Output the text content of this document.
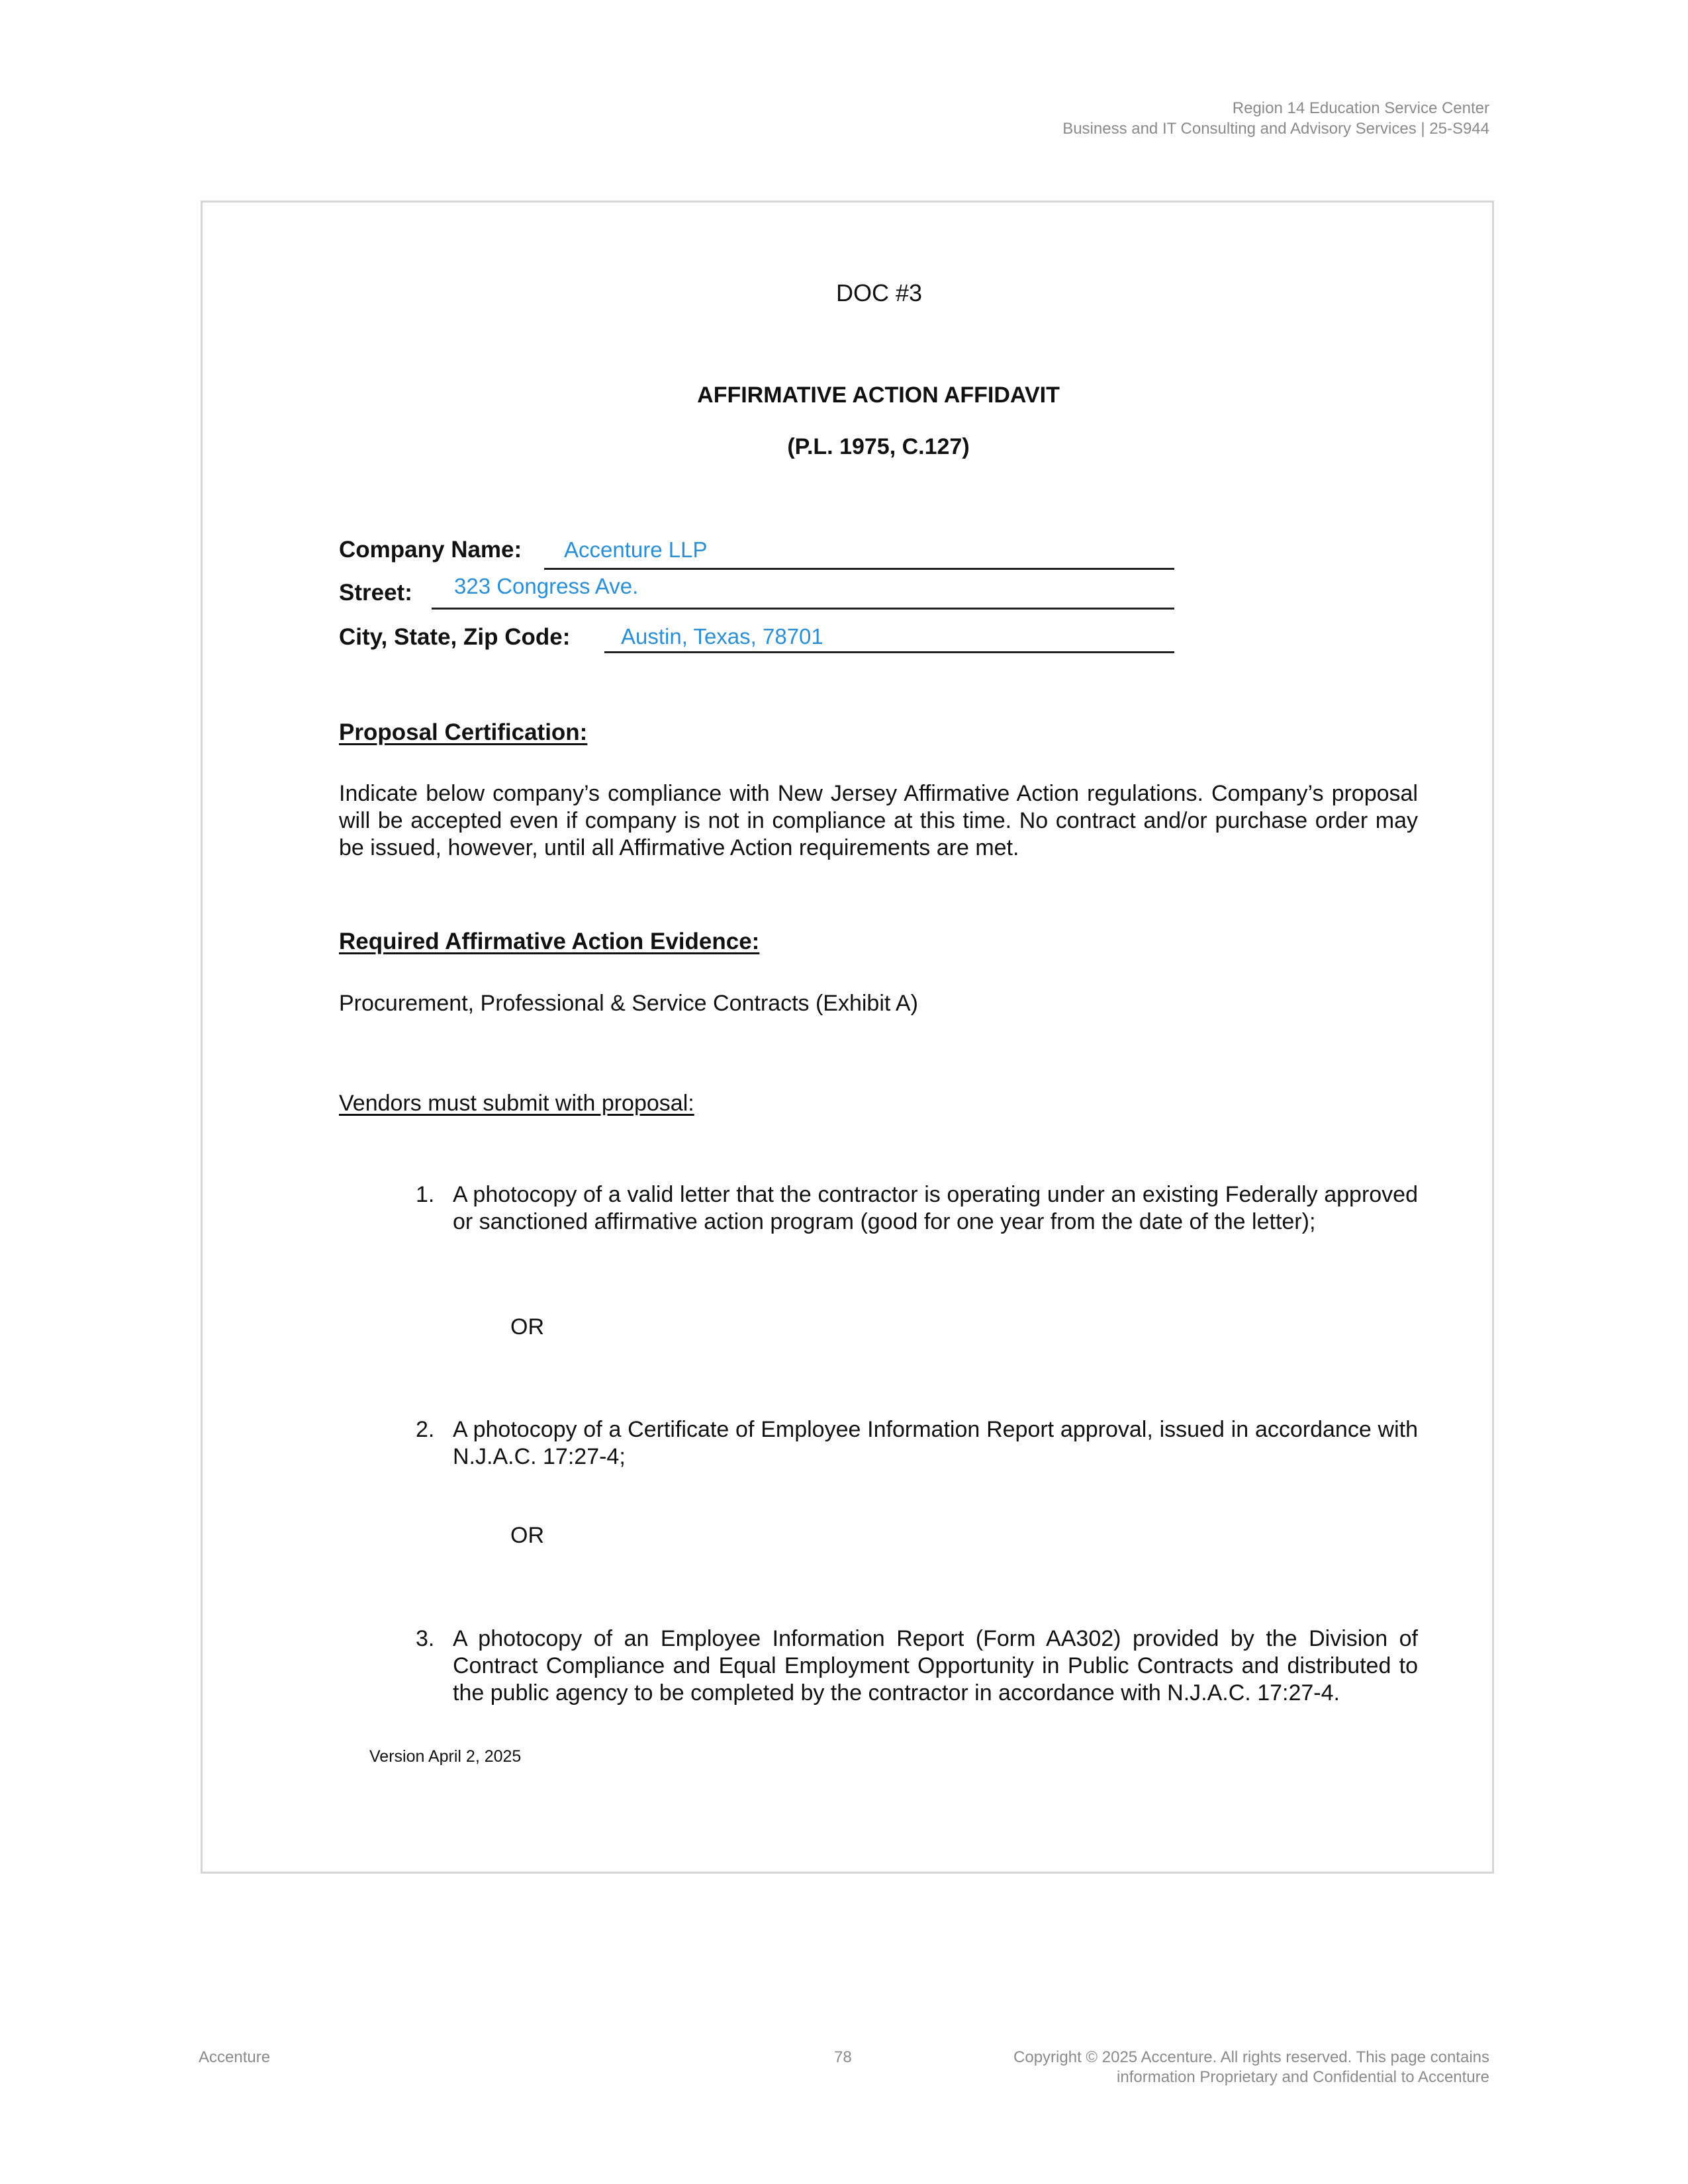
Region 14 Education Service Center
Business and IT Consulting and Advisory Services | 25-S944
DOC #3
AFFIRMATIVE ACTION AFFIDAVIT
(P.L. 1975, C.127)
Company Name: Accenture LLP
Street: 323 Congress Ave.
City, State, Zip Code: Austin, Texas, 78701
Proposal Certification:
Indicate below company’s compliance with New Jersey Affirmative Action regulations. Company’s proposal will be accepted even if company is not in compliance at this time. No contract and/or purchase order may be issued, however, until all Affirmative Action requirements are met.
Required Affirmative Action Evidence:
Procurement, Professional & Service Contracts (Exhibit A)
Vendors must submit with proposal:
1. A photocopy of a valid letter that the contractor is operating under an existing Federally approved or sanctioned affirmative action program (good for one year from the date of the letter);
OR
2. A photocopy of a Certificate of Employee Information Report approval, issued in accordance with N.J.A.C. 17:27-4;
OR
3. A photocopy of an Employee Information Report (Form AA302) provided by the Division of Contract Compliance and Equal Employment Opportunity in Public Contracts and distributed to the public agency to be completed by the contractor in accordance with N.J.A.C. 17:27-4.
Version April 2, 2025
Accenture	78	Copyright © 2025 Accenture. All rights reserved. This page contains
information Proprietary and Confidential to Accenture
